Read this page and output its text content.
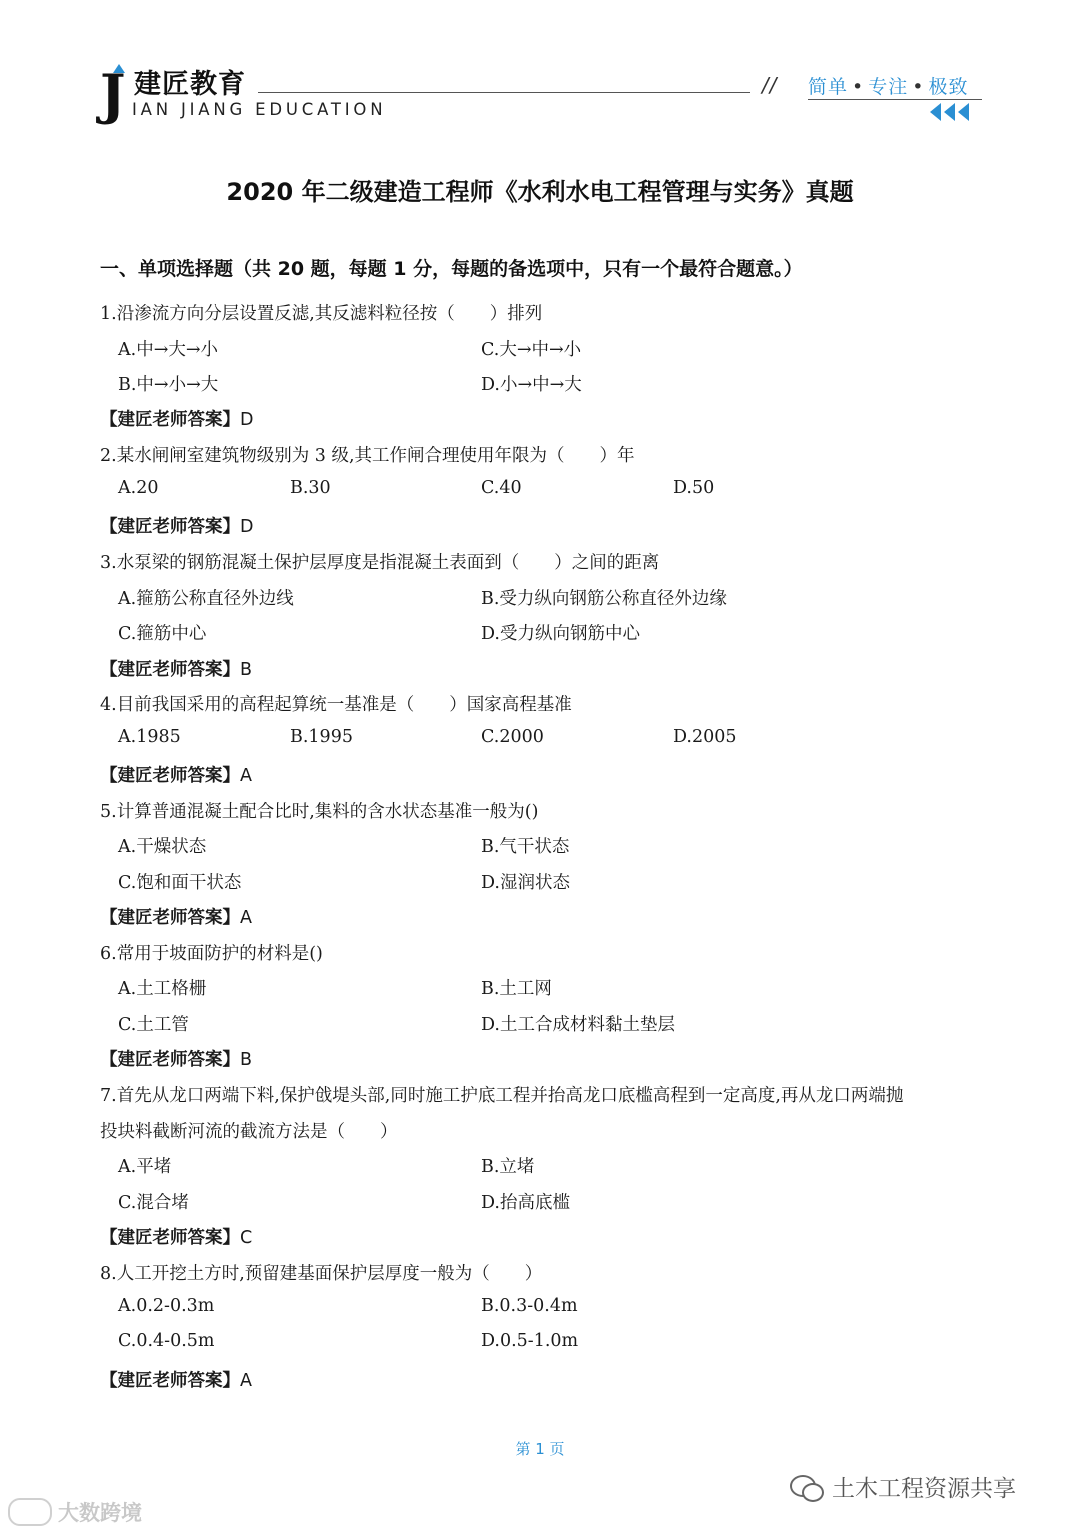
J 建匠教育
IAN JIANG EDUCATION
// 简单 • 专注 • 极致
2020 年二级建造工程师《水利水电工程管理与实务》真题
一、单项选择题（共 20 题，每题 1 分，每题的备选项中，只有一个最符合题意。）
1.沿渗流方向分层设置反滤,其反滤料粒径按（　　）排列
A.中→大→小	C.大→中→小
B.中→小→大	D.小→中→大
【建匠老师答案】D
2.某水闸闸室建筑物级别为 3 级,其工作闸合理使用年限为（　　）年
A.20	B.30	C.40	D.50
【建匠老师答案】D
3.水泵梁的钢筋混凝土保护层厚度是指混凝土表面到（　　）之间的距离
A.箍筋公称直径外边线	B.受力纵向钢筋公称直径外边缘
C.箍筋中心	D.受力纵向钢筋中心
【建匠老师答案】B
4.目前我国采用的高程起算统一基准是（　　）国家高程基准
A.1985	B.1995	C.2000	D.2005
【建匠老师答案】A
5.计算普通混凝土配合比时,集料的含水状态基准一般为()
A.干燥状态	B.气干状态
C.饱和面干状态	D.湿润状态
【建匠老师答案】A
6.常用于坡面防护的材料是()
A.土工格栅	B.土工网
C.土工管	D.土工合成材料黏土垫层
【建匠老师答案】B
7.首先从龙口两端下料,保护戗堤头部,同时施工护底工程并抬高龙口底槛高程到一定高度,再从龙口两端抛
投块料截断河流的截流方法是（　　）
A.平堵	B.立堵
C.混合堵	D.抬高底槛
【建匠老师答案】C
8.人工开挖土方时,预留建基面保护层厚度一般为（　　）
A.0.2-0.3m	B.0.3-0.4m
C.0.4-0.5m	D.0.5-1.0m
【建匠老师答案】A
第 1 页
土木工程资源共享
大数跨境
